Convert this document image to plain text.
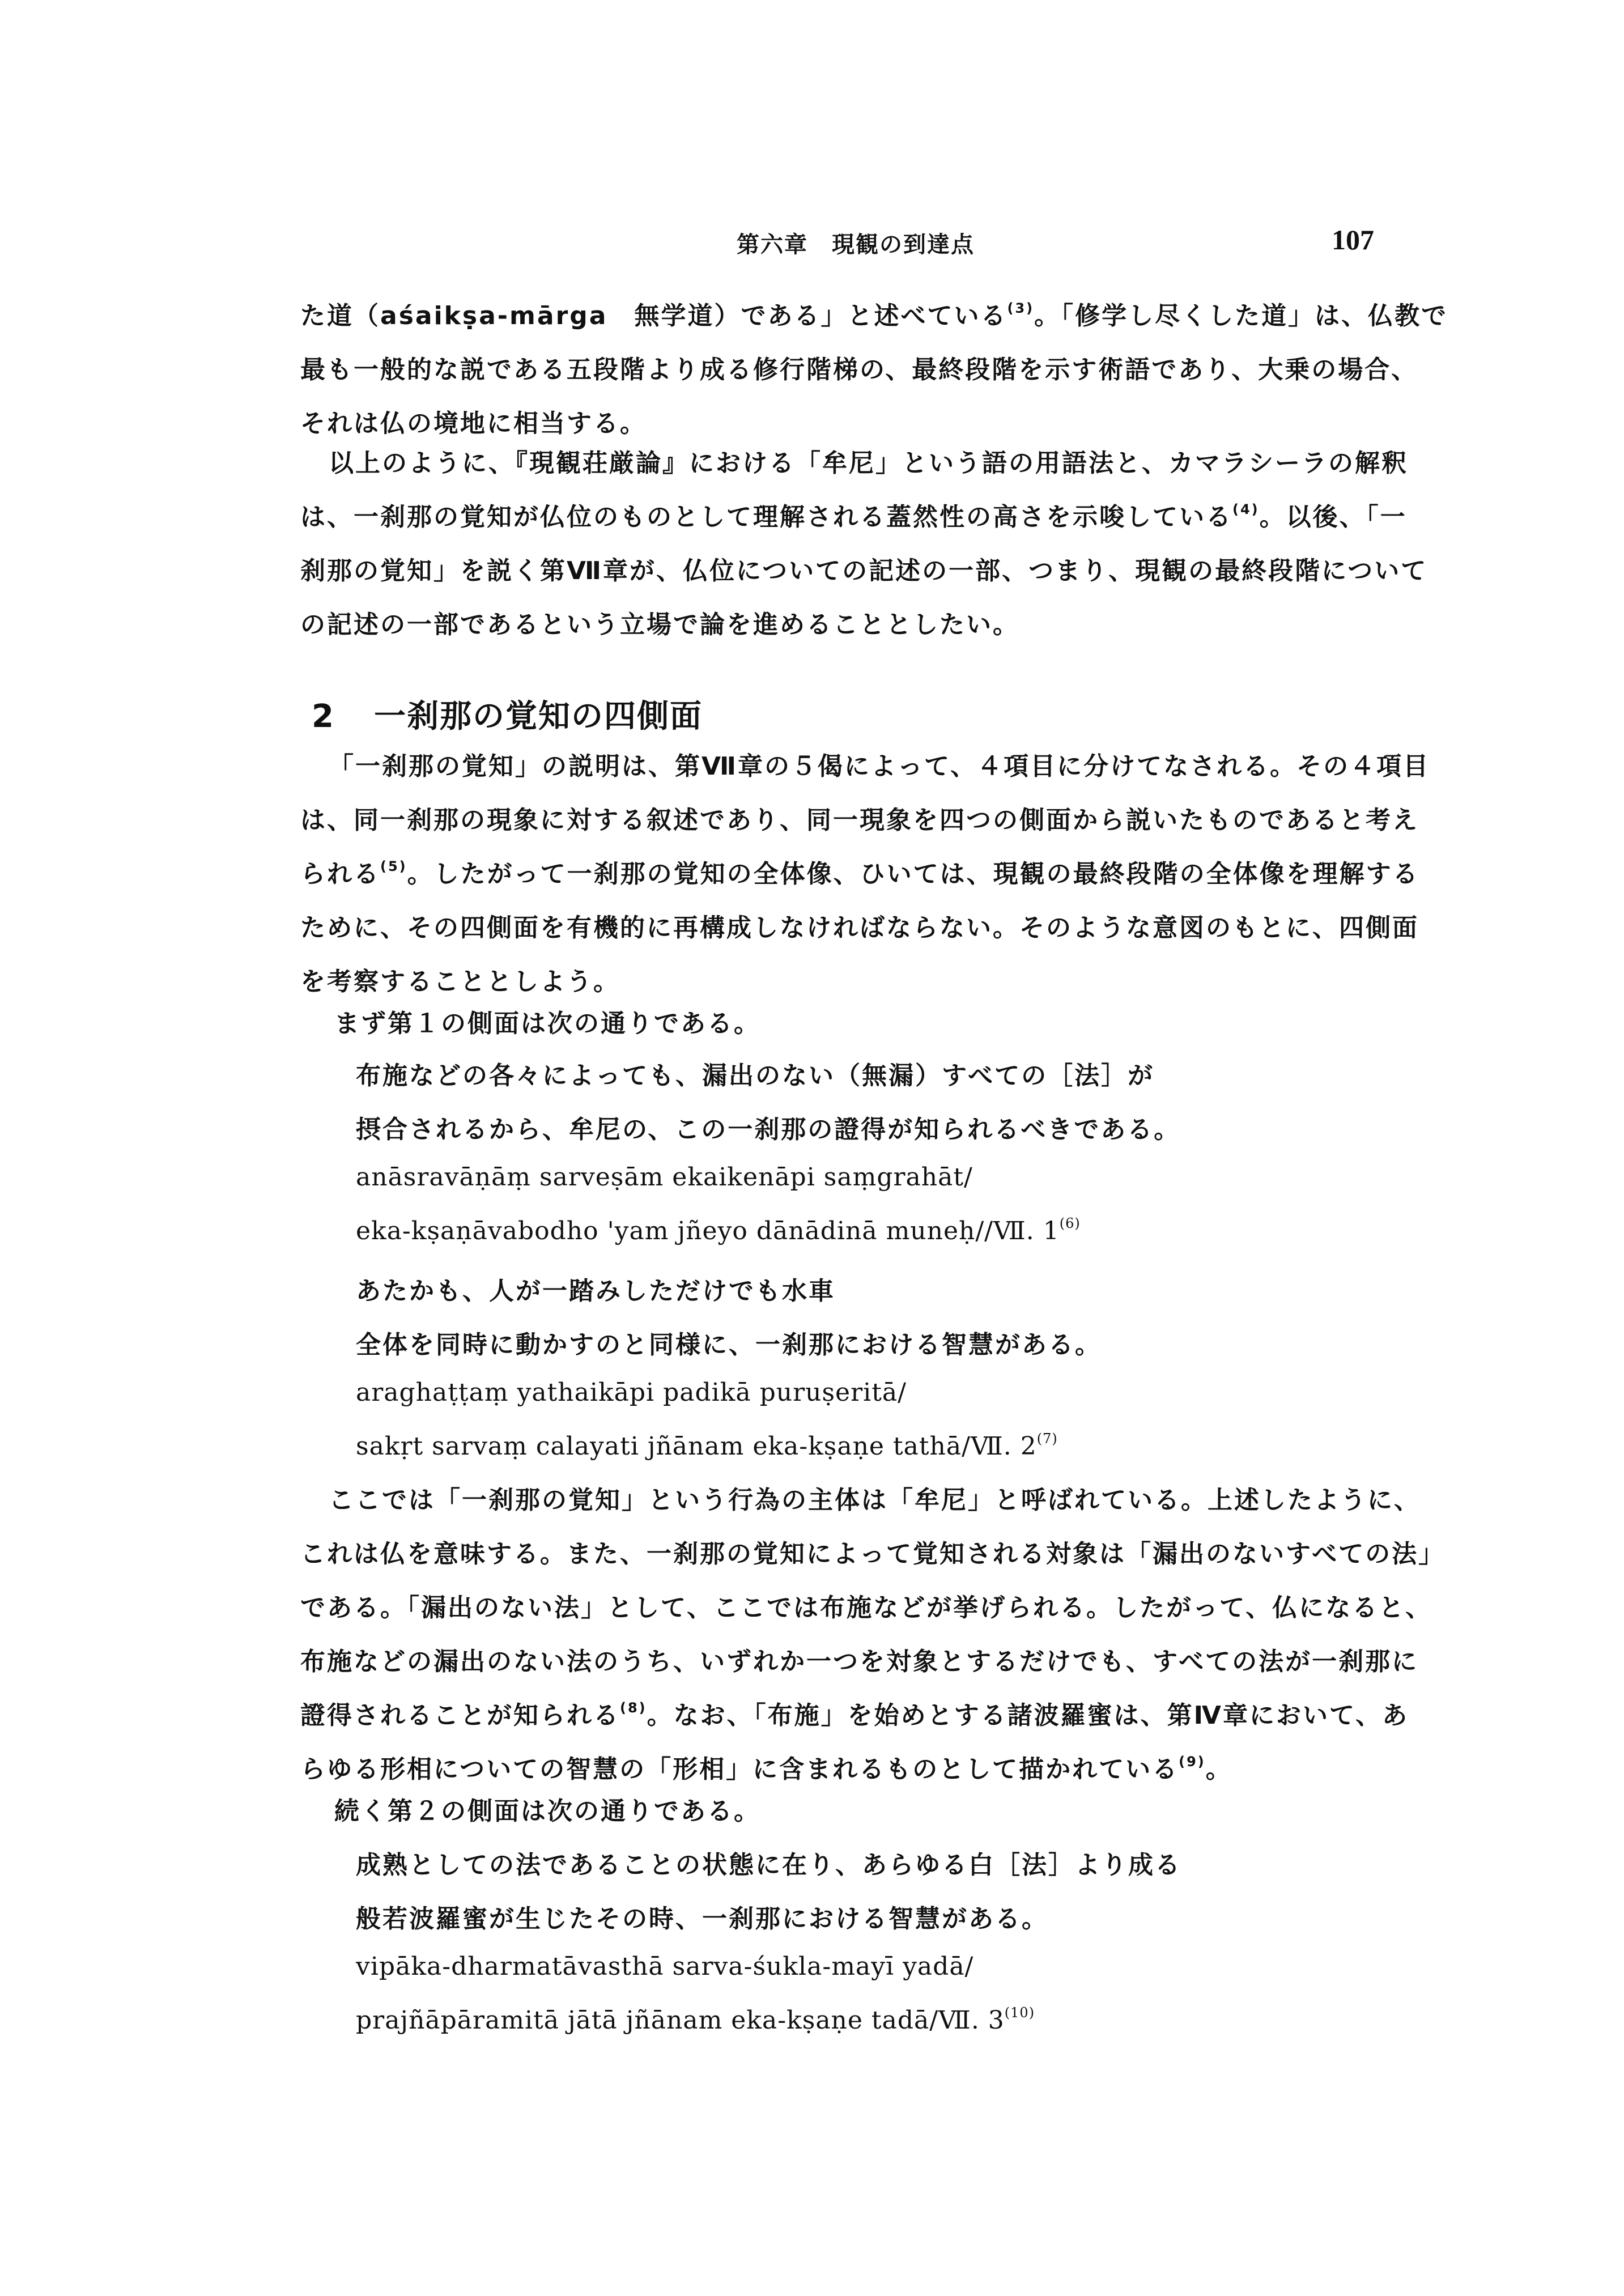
第六章　現観の到達点	107
た道（aśaikṣa-mārga　無学道）である」と述べている$^{(3)}$。「修学し尽くした道」は、仏教で
最も一般的な説である五段階より成る修行階梯の、最終段階を示す術語であり、大乗の場合、
それは仏の境地に相当する。
以上のように、『現観荘厳論』における「牟尼」という語の用語法と、カマラシーラの解釈
は、一刹那の覚知が仏位のものとして理解される蓋然性の高さを示唆している$^{(4)}$。以後、「一
刹那の覚知」を説く第Ⅶ章が、仏位についての記述の一部、つまり、現観の最終段階について
の記述の一部であるという立場で論を進めることとしたい。
2 一刹那の覚知の四側面
「一刹那の覚知」の説明は、第Ⅶ章の５偈によって、４項目に分けてなされる。その４項目
は、同一刹那の現象に対する叙述であり、同一現象を四つの側面から説いたものであると考え
られる$^{(5)}$。したがって一刹那の覚知の全体像、ひいては、現観の最終段階の全体像を理解する
ために、その四側面を有機的に再構成しなければならない。そのような意図のもとに、四側面
を考察することとしよう。
まず第１の側面は次の通りである。
布施などの各々によっても、漏出のない（無漏）すべての［法］が
摂合されるから、牟尼の、この一刹那の證得が知られるべきである。
anāsravāṇāṃ sarveṣām ekaikenāpi saṃgrahāt/
eka-kṣaṇāvabodho 'yam jñeyo dānādinā muneḥ//Ⅶ. 1$^{(6)}$
あたかも、人が一踏みしただけでも水車
全体を同時に動かすのと同様に、一刹那における智慧がある。
araghaṭṭaṃ yathaikāpi padikā puruṣeritā/
sakṛt sarvaṃ calayati jñānam eka-kṣaṇe tathā/Ⅶ. 2$^{(7)}$
ここでは「一刹那の覚知」という行為の主体は「牟尼」と呼ばれている。上述したように、
これは仏を意味する。また、一刹那の覚知によって覚知される対象は「漏出のないすべての法」
である。「漏出のない法」として、ここでは布施などが挙げられる。したがって、仏になると、
布施などの漏出のない法のうち、いずれか一つを対象とするだけでも、すべての法が一刹那に
證得されることが知られる$^{(8)}$。なお、「布施」を始めとする諸波羅蜜は、第Ⅳ章において、あ
らゆる形相についての智慧の「形相」に含まれるものとして描かれている$^{(9)}$。
続く第２の側面は次の通りである。
成熟としての法であることの状態に在り、あらゆる白［法］より成る
般若波羅蜜が生じたその時、一刹那における智慧がある。
vipāka-dharmatāvasthā sarva-śukla-mayī yadā/
prajñāpāramitā jātā jñānam eka-kṣaṇe tadā/Ⅶ. 3$^{(10)}$
